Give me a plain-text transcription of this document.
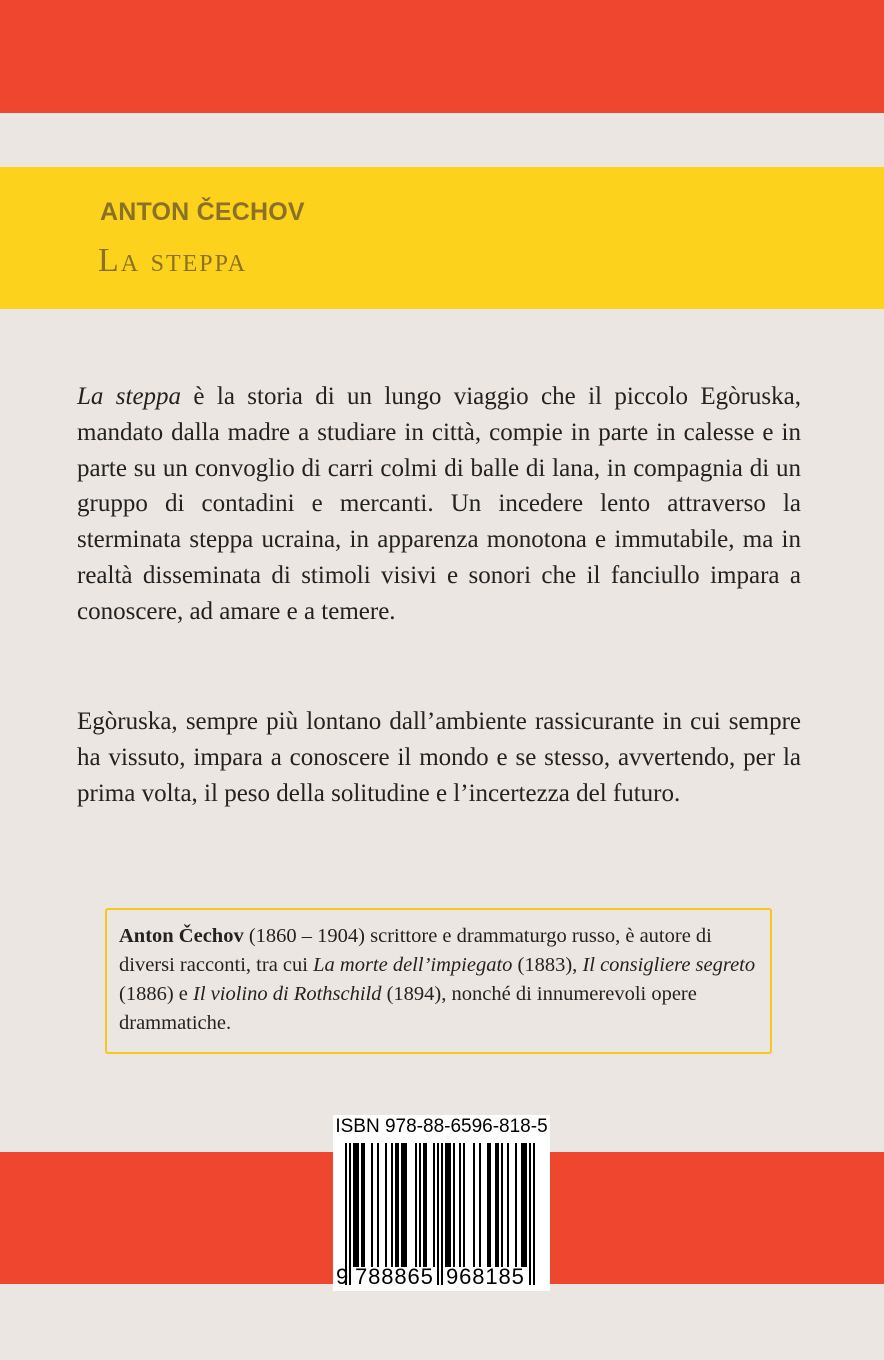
ANTON ČECHOV
La steppa

La steppa è la storia di un lungo viaggio che il piccolo Egòruska, mandato dalla madre a studiare in città, compie in parte in calesse e in parte su un convoglio di carri colmi di balle di lana, in compagnia di un gruppo di contadini e mercanti. Un incedere lento attraverso la sterminata steppa ucraina, in apparenza monotona e immutabile, ma in realtà disseminata di stimoli visivi e sonori che il fanciullo impara a conoscere, ad amare e a temere.

Egòruska, sempre più lontano dall’ambiente rassicurante in cui sempre ha vissuto, impara a conoscere il mondo e se stesso, avvertendo, per la prima volta, il peso della solitudine e l’incertezza del futuro.

Anton Čechov (1860 – 1904) scrittore e drammaturgo russo, è autore di diversi racconti, tra cui La morte dell’impiegato (1883), Il consigliere segreto (1886) e Il violino di Rothschild (1894), nonché di innumerevoli opere drammatiche.
ISBN 978-88-6596-818-5
9 788865 968185
